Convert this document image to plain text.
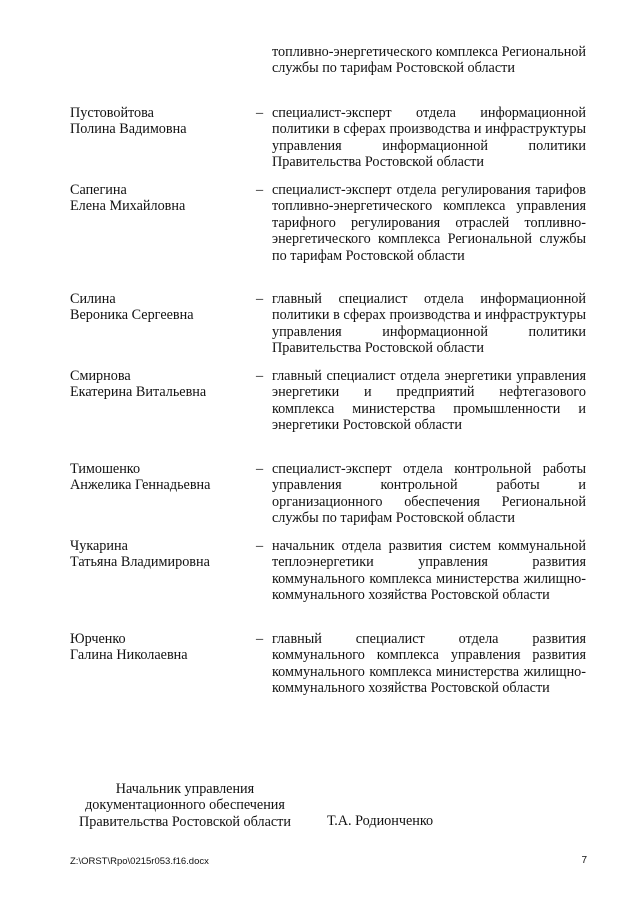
топливно-энергетического комплекса Региональной службы по тарифам Ростовской области
Пустовойтова
Полина Вадимовна
– специалист-эксперт отдела информационной политики в сферах производства и инфраструктуры управления информационной политики Правительства Ростовской области
Сапегина
Елена Михайловна
– специалист-эксперт отдела регулирования тарифов топливно-энергетического комплекса управления тарифного регулирования отраслей топливно-энергетического комплекса Региональной службы по тарифам Ростовской области
Силина
Вероника Сергеевна
– главный специалист отдела информационной политики в сферах производства и инфраструктуры управления информационной политики Правительства Ростовской области
Смирнова
Екатерина Витальевна
– главный специалист отдела энергетики управления энергетики и предприятий нефтегазового комплекса министерства промышленности и энергетики Ростовской области
Тимошенко
Анжелика Геннадьевна
– специалист-эксперт отдела контрольной работы управления контрольной работы и организационного обеспечения Региональной службы по тарифам Ростовской области
Чукарина
Татьяна Владимировна
– начальник отдела развития систем коммунальной теплоэнергетики управления развития коммунального комплекса министерства жилищно-коммунального хозяйства Ростовской области
Юрченко
Галина Николаевна
– главный специалист отдела развития коммунального комплекса управления развития коммунального комплекса министерства жилищно-коммунального хозяйства Ростовской области
Начальник управления
документационного обеспечения
Правительства Ростовской области	Т.А. Родионченко
Z:\ORST\Rpo\0215r053.f16.docx	7
